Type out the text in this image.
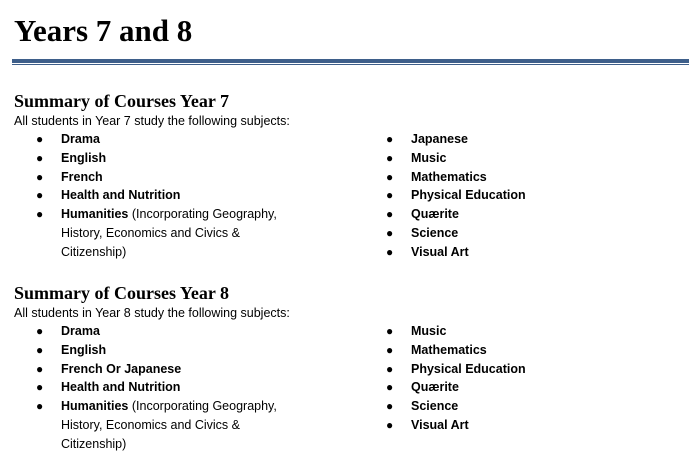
Years 7 and 8
Summary of Courses Year 7

All students in Year 7 study the following subjects:

● Drama
● English
● French
● Health and Nutrition
● Humanities (Incorporating Geography, History, Economics and Civics & Citizenship)
● Japanese
● Music
● Mathematics
● Physical Education
● Quærite
● Science
● Visual Art
Summary of Courses Year 8

All students in Year 8 study the following subjects:

● Drama
● English
● French Or Japanese
● Health and Nutrition
● Humanities (Incorporating Geography, History, Economics and Civics & Citizenship)
● Music
● Mathematics
● Physical Education
● Quærite
● Science
● Visual Art
